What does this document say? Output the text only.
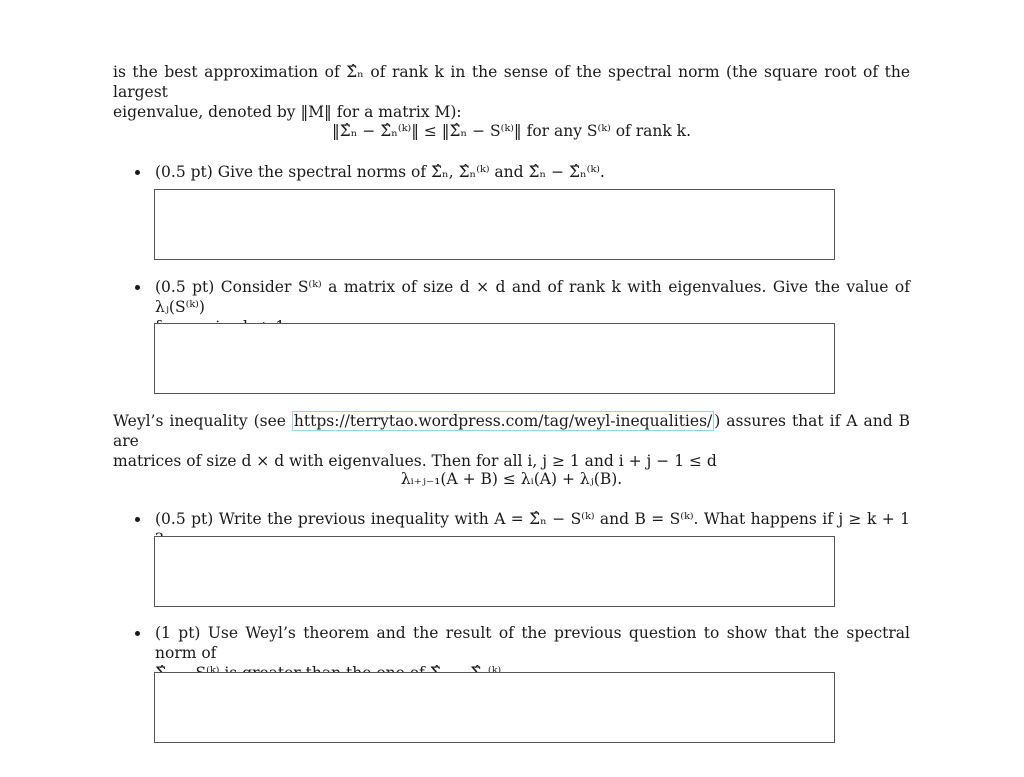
is the best approximation of Σ̂ₙ of rank k in the sense of the spectral norm (the square root of the largest
eigenvalue, denoted by ‖M‖ for a matrix M):
‖Σ̂ₙ − Σ̂ₙ⁽ᵏ⁾‖ ≤ ‖Σ̂ₙ − S⁽ᵏ⁾‖ for any S⁽ᵏ⁾ of rank k.
(0.5 pt) Give the spectral norms of Σ̂ₙ, Σ̂ₙ⁽ᵏ⁾ and Σ̂ₙ − Σ̂ₙ⁽ᵏ⁾.
(0.5 pt) Consider S⁽ᵏ⁾ a matrix of size d × d and of rank k with eigenvalues. Give the value of λⱼ(S⁽ᵏ⁾)
Weyl’s inequality (see https://terrytao.wordpress.com/tag/weyl-inequalities/ ) assures that if A and B are
matrices of size d × d with eigenvalues. Then for all i, j ≥ 1 and i + j − 1 ≤ d
λᵢ₊ⱼ₋₁(A + B) ≤ λᵢ(A) + λⱼ(B).
(0.5 pt) Write the previous inequality with A = Σ̂ₙ − S⁽ᵏ⁾ and B = S⁽ᵏ⁾. What happens if j ≥ k + 1
(1 pt) Use Weyl’s theorem and the result of the previous question to show that the spectral norm of
